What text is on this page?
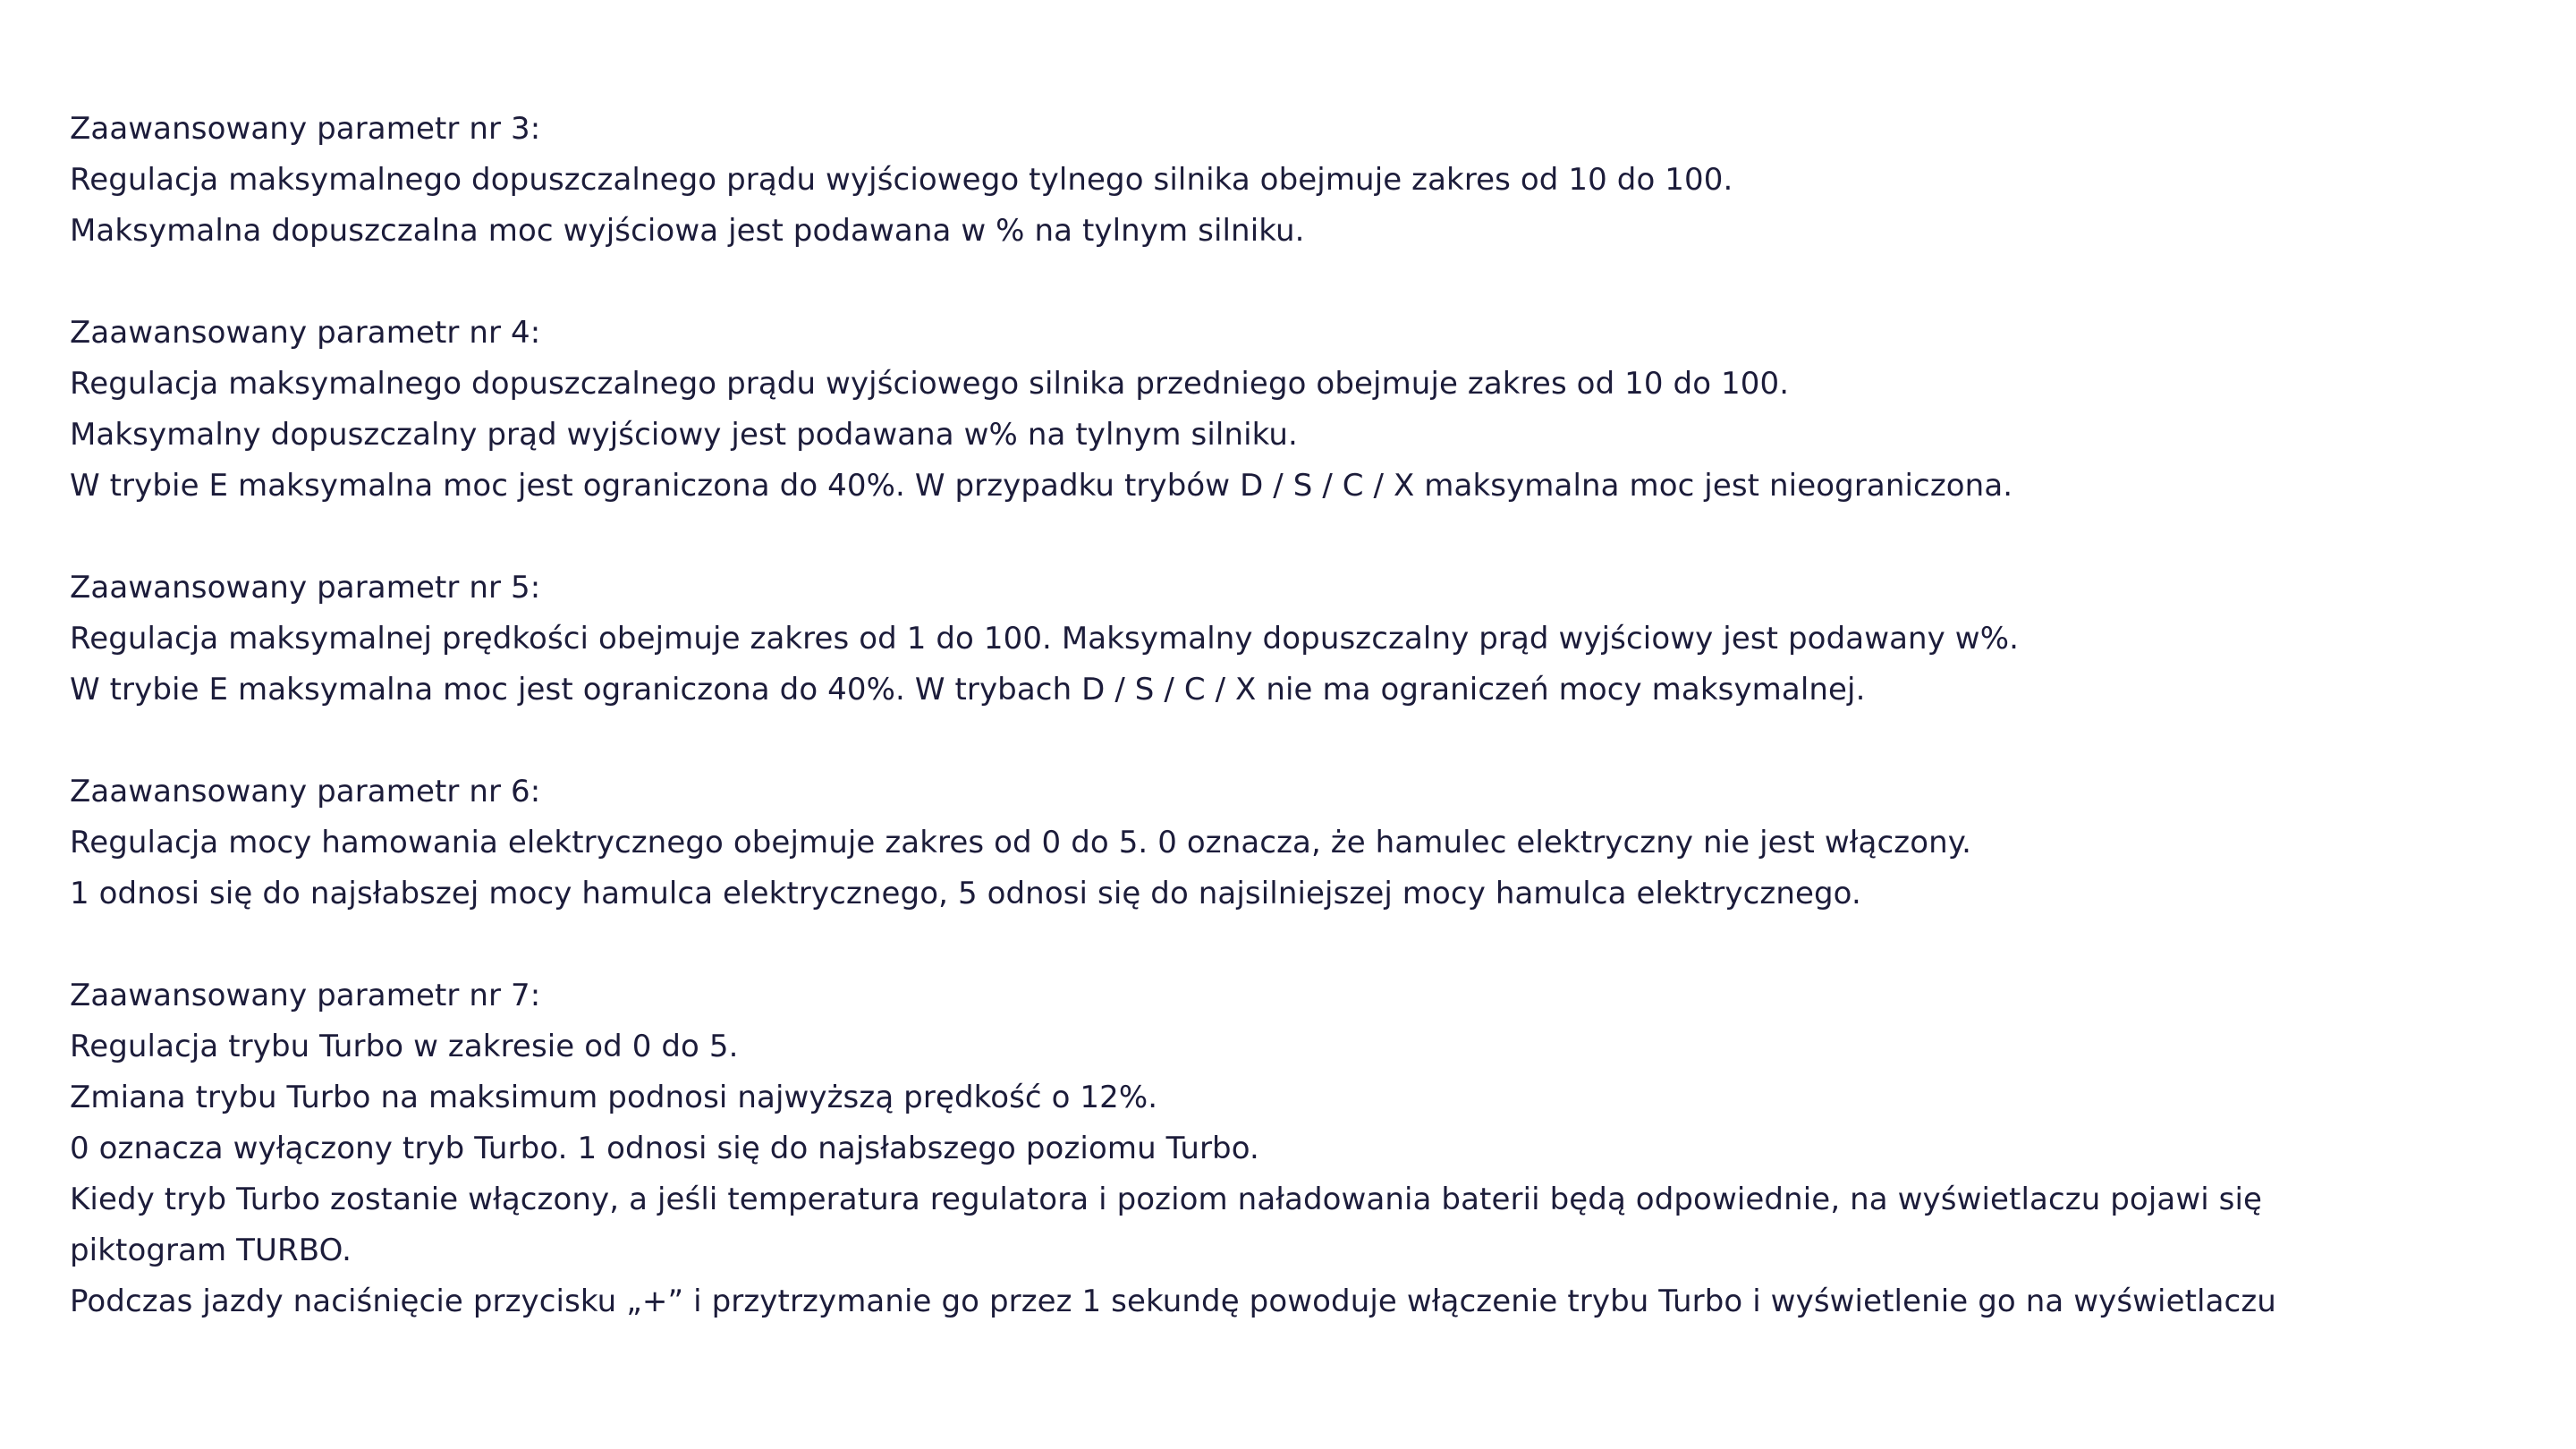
Zaawansowany parametr nr 3:
Regulacja maksymalnego dopuszczalnego prądu wyjściowego tylnego silnika obejmuje zakres od 10 do 100.
Maksymalna dopuszczalna moc wyjściowa jest podawana w % na tylnym silniku.
Zaawansowany parametr nr 4:
Regulacja maksymalnego dopuszczalnego prądu wyjściowego silnika przedniego obejmuje zakres od 10 do 100.
Maksymalny dopuszczalny prąd wyjściowy jest podawana w% na tylnym silniku.
W trybie E maksymalna moc jest ograniczona do 40%. W przypadku trybów D / S / C / X maksymalna moc jest nieograniczona.
Zaawansowany parametr nr 5:
Regulacja maksymalnej prędkości obejmuje zakres od 1 do 100. Maksymalny dopuszczalny prąd wyjściowy jest podawany w%.
W trybie E maksymalna moc jest ograniczona do 40%. W trybach D / S / C / X nie ma ograniczeń mocy maksymalnej.
Zaawansowany parametr nr 6:
Regulacja mocy hamowania elektrycznego obejmuje zakres od 0 do 5. 0 oznacza, że hamulec elektryczny nie jest włączony.
1 odnosi się do najsłabszej mocy hamulca elektrycznego, 5 odnosi się do najsilniejszej mocy hamulca elektrycznego.
Zaawansowany parametr nr 7:
Regulacja trybu Turbo w zakresie od 0 do 5.
Zmiana trybu Turbo na maksimum podnosi najwyższą prędkość o 12%.
0 oznacza wyłączony tryb Turbo. 1 odnosi się do najsłabszego poziomu Turbo.
Kiedy tryb Turbo zostanie włączony, a jeśli temperatura regulatora i poziom naładowania baterii będą odpowiednie, na wyświetlaczu pojawi się
piktogram TURBO.
Podczas jazdy naciśnięcie przycisku „+” i przytrzymanie go przez 1 sekundę powoduje włączenie trybu Turbo i wyświetlenie go na wyświetlaczu
